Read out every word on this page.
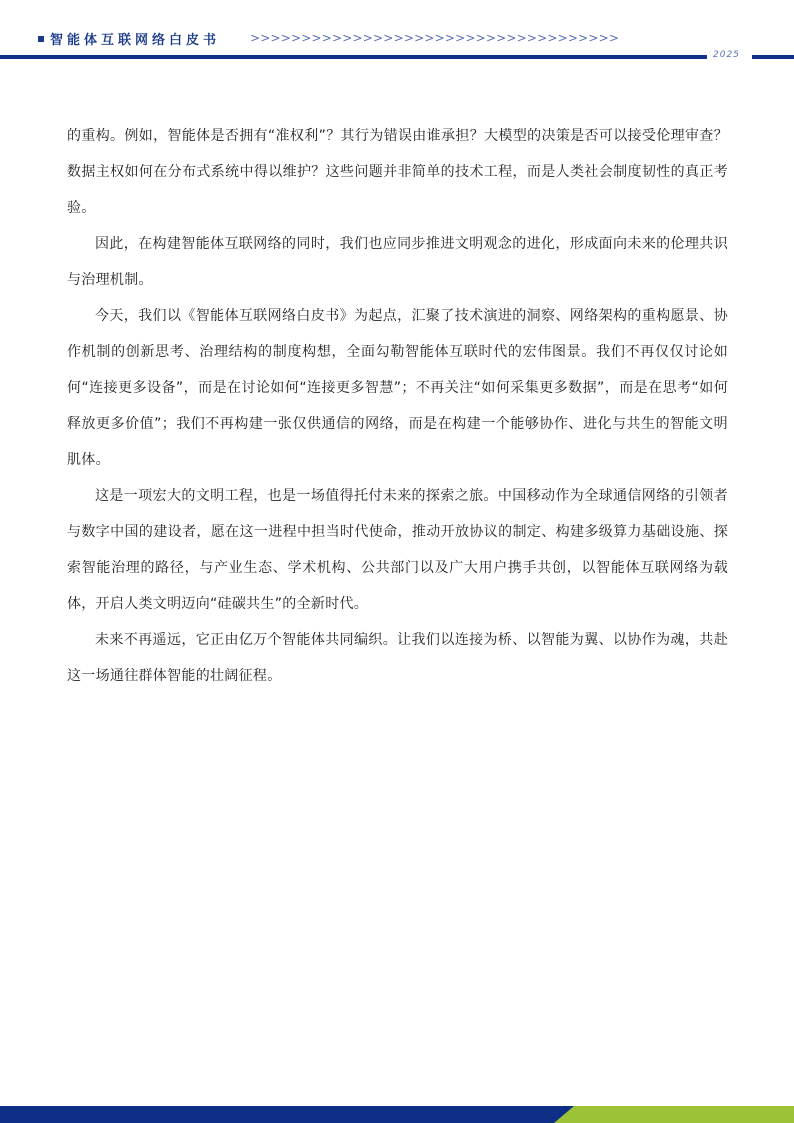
智能体互联网络白皮书 >>>>>>>>>>>>>>>>>>>>>>>>>>>>>>>>>>>>
2025

的重构。例如，智能体是否拥有“准权利”？其行为错误由谁承担？大模型的决策是否可以接受伦理审查？数据主权如何在分布式系统中得以维护？这些问题并非简单的技术工程，而是人类社会制度韧性的真正考验。

因此，在构建智能体互联网络的同时，我们也应同步推进文明观念的进化，形成面向未来的伦理共识与治理机制。

今天，我们以《智能体互联网络白皮书》为起点，汇聚了技术演进的洞察、网络架构的重构愿景、协作机制的创新思考、治理结构的制度构想，全面勾勒智能体互联时代的宏伟图景。我们不再仅仅讨论如何“连接更多设备”，而是在讨论如何“连接更多智慧”；不再关注“如何采集更多数据”，而是在思考“如何释放更多价值”；我们不再构建一张仅供通信的网络，而是在构建一个能够协作、进化与共生的智能文明肌体。

这是一项宏大的文明工程，也是一场值得托付未来的探索之旅。中国移动作为全球通信网络的引领者与数字中国的建设者，愿在这一进程中担当时代使命，推动开放协议的制定、构建多级算力基础设施、探索智能治理的路径，与产业生态、学术机构、公共部门以及广大用户携手共创，以智能体互联网络为载体，开启人类文明迈向“硅碳共生”的全新时代。

未来不再遥远，它正由亿万个智能体共同编织。让我们以连接为桥、以智能为翼、以协作为魂，共赴这一场通往群体智能的壮阔征程。
